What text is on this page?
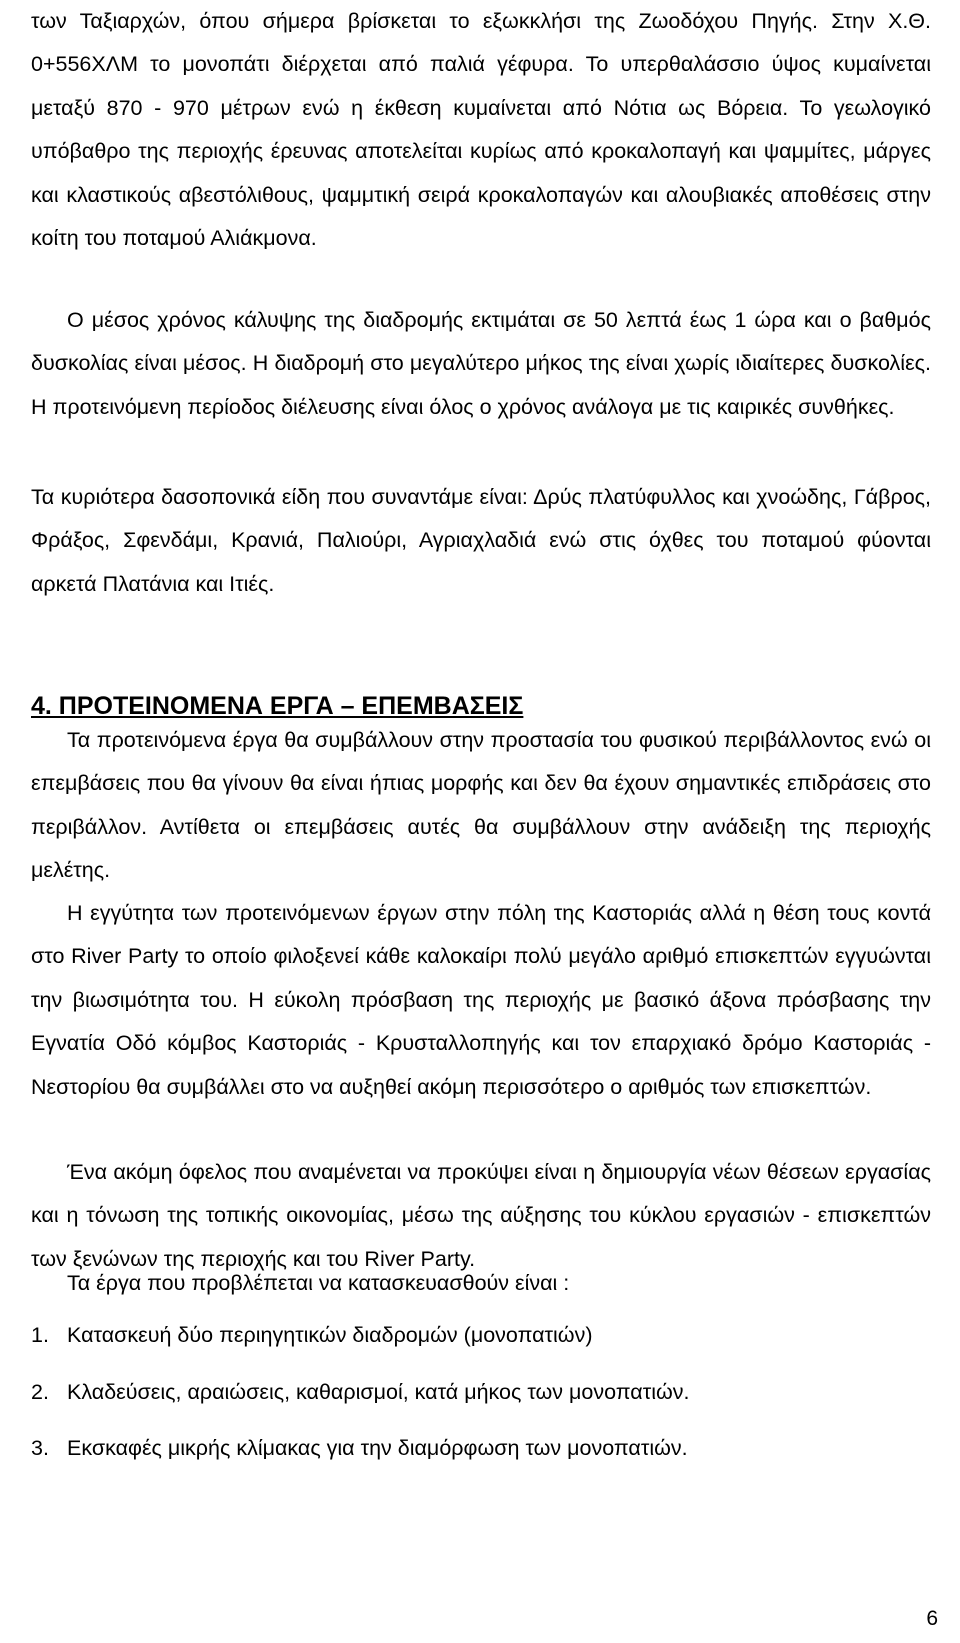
των Ταξιαρχών, όπου σήμερα βρίσκεται το εξωκκλήσι της Ζωοδόχου Πηγής. Στην Χ.Θ. 0+556ΧΛΜ το μονοπάτι διέρχεται από παλιά γέφυρα. Το υπερθαλάσσιο ύψος κυμαίνεται μεταξύ 870 - 970 μέτρων ενώ η έκθεση κυμαίνεται από Νότια ως Βόρεια. Το γεωλογικό υπόβαθρο της περιοχής έρευνας αποτελείται κυρίως από κροκαλοπαγή και ψαμμίτες, μάργες και κλαστικούς αβεστόλιθους, ψαμμτική σειρά κροκαλοπαγών και αλουβιακές αποθέσεις στην κοίτη του ποταμού Αλιάκμονα.

Ο μέσος χρόνος κάλυψης της διαδρομής εκτιμάται σε 50 λεπτά έως 1 ώρα και ο βαθμός δυσκολίας είναι μέσος. Η διαδρομή στο μεγαλύτερο μήκος της είναι χωρίς ιδιαίτερες δυσκολίες. Η προτεινόμενη περίοδος διέλευσης είναι όλος ο χρόνος ανάλογα με τις καιρικές συνθήκες.

Τα κυριότερα δασοπονικά είδη που συναντάμε είναι: Δρύς πλατύφυλλος και χνοώδης, Γάβρος, Φράξος, Σφενδάμι, Κρανιά, Παλιούρι, Αγριαχλαδιά ενώ στις όχθες του ποταμού φύονται αρκετά Πλατάνια και Ιτιές.

4. ΠΡΟΤΕΙΝΟΜΕΝΑ ΕΡΓΑ – ΕΠΕΜΒΑΣΕΙΣ

Τα προτεινόμενα έργα θα συμβάλλουν στην προστασία του φυσικού περιβάλλοντος ενώ οι επεμβάσεις που θα γίνουν θα είναι ήπιας μορφής και δεν θα έχουν σημαντικές επιδράσεις στο περιβάλλον. Αντίθετα οι επεμβάσεις αυτές θα συμβάλλουν στην ανάδειξη της περιοχής μελέτης.

Η εγγύτητα των προτεινόμενων έργων στην πόλη της Καστοριάς αλλά η θέση τους κοντά στο River Party το οποίο φιλοξενεί κάθε καλοκαίρι πολύ μεγάλο αριθμό επισκεπτών εγγυώνται την βιωσιμότητα του. Η εύκολη πρόσβαση της περιοχής με βασικό άξονα πρόσβασης την Εγνατία Οδό κόμβος Καστοριάς - Κρυσταλλοπηγής και τον επαρχιακό δρόμο Καστοριάς - Νεστορίου θα συμβάλλει στο να αυξηθεί ακόμη περισσότερο ο αριθμός των επισκεπτών.

Ένα ακόμη όφελος που αναμένεται να προκύψει είναι η δημιουργία νέων θέσεων εργασίας και η τόνωση της τοπικής οικονομίας, μέσω της αύξησης του κύκλου εργασιών - επισκεπτών των ξενώνων της περιοχής και του River Party.

Τα έργα που προβλέπεται να κατασκευασθούν είναι :

1. Κατασκευή δύο περιηγητικών διαδρομών (μονοπατιών)

2. Κλαδεύσεις, αραιώσεις, καθαρισμοί, κατά μήκος των μονοπατιών.

3. Εκσκαφές μικρής κλίμακας για την διαμόρφωση των μονοπατιών.

6
